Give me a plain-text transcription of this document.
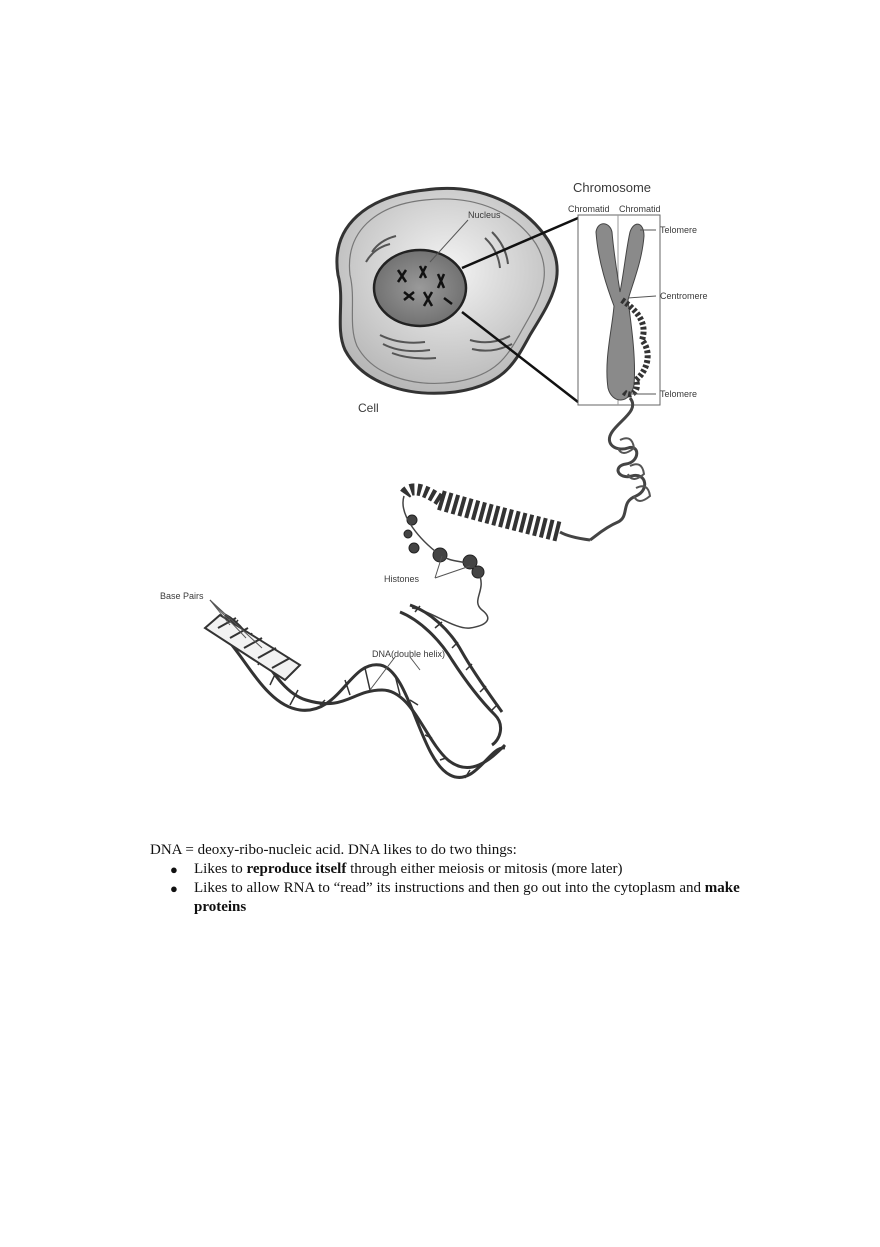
Chromosome
Chromatid Chromatid
Nucleus
Cell
Telomere
Centromere
Telomere
Histones
Base Pairs
DNA(double helix)

DNA = deoxy-ribo-nucleic acid. DNA likes to do two things:

● Likes to reproduce itself through either meiosis or mitosis (more later)
● Likes to allow RNA to “read” its instructions and then go out into the cytoplasm and make proteins
